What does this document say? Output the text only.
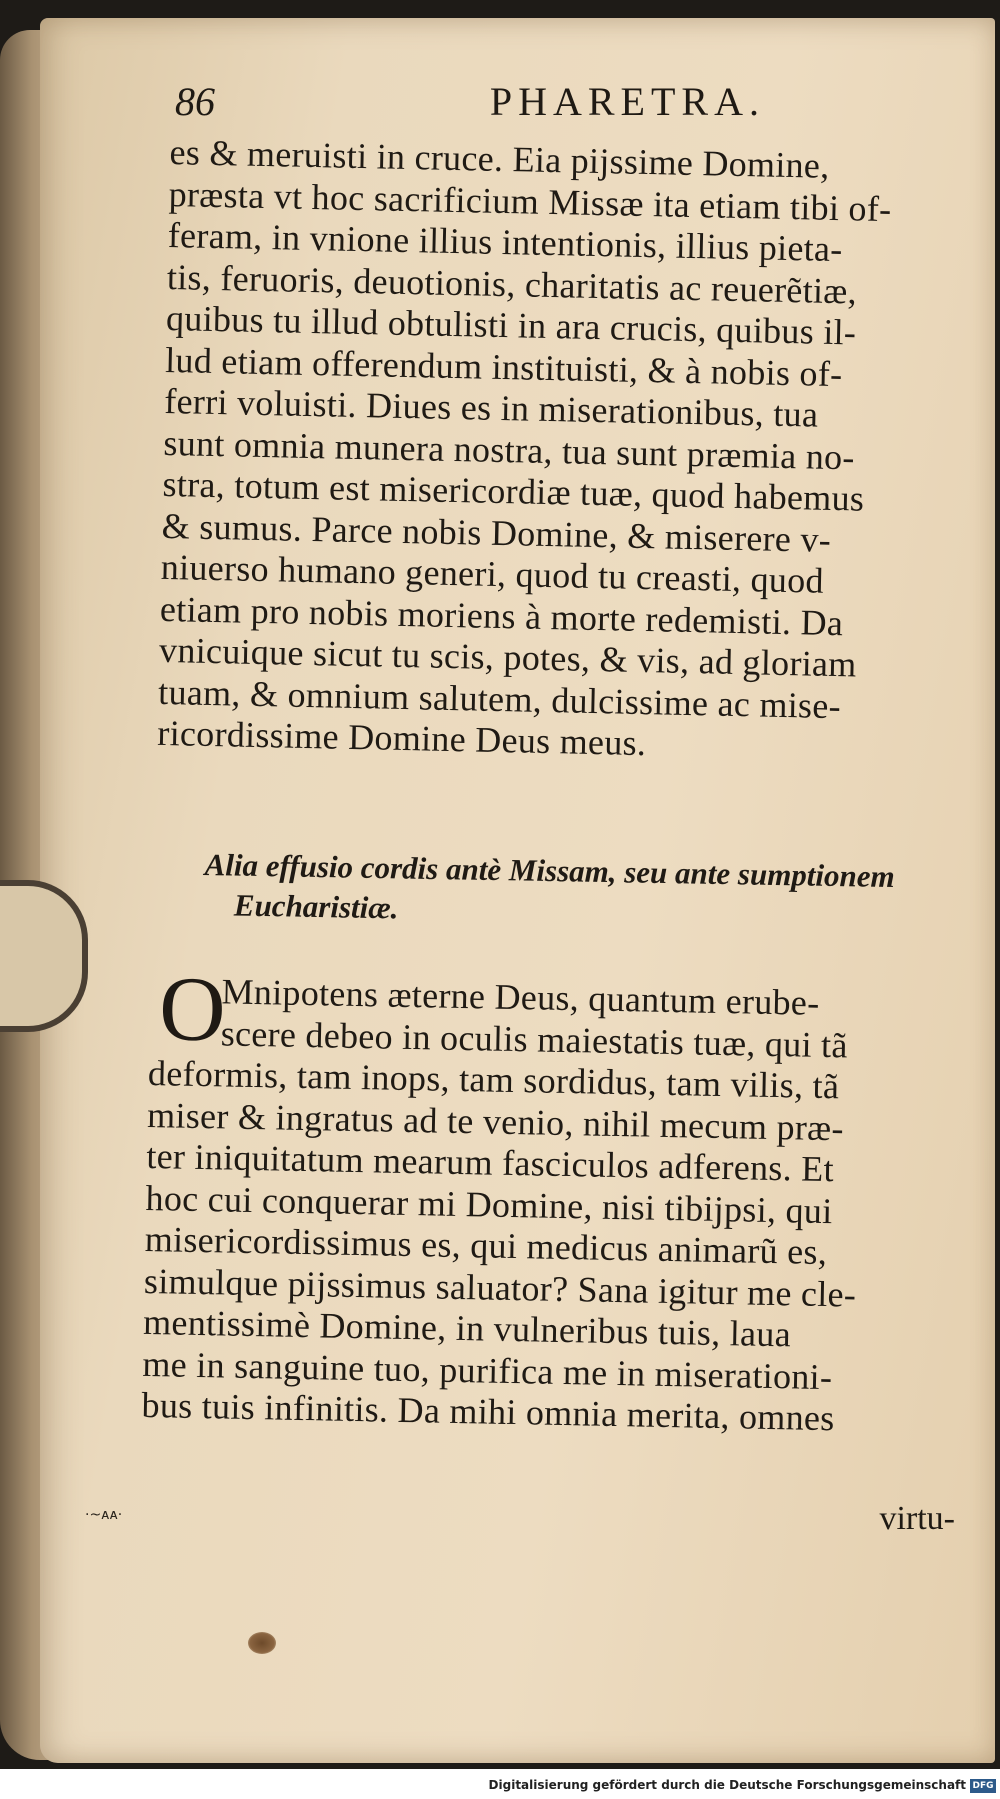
86	PHARETRA.
es & meruisti in cruce. Eia pijssime Domine,
præsta vt hoc sacrificium Missæ ita etiam tibi of-
feram, in vnione illius intentionis, illius pieta-
tis, feruoris, deuotionis, charitatis ac reuerẽtiæ,
quibus tu illud obtulisti in ara crucis, quibus il-
lud etiam offerendum instituisti, & à nobis of-
ferri voluisti. Diues es in miserationibus, tua
sunt omnia munera nostra, tua sunt præmia no-
stra, totum est misericordiæ tuæ, quod habemus
& sumus. Parce nobis Domine, & miserere v-
niuerso humano generi, quod tu creasti, quod
etiam pro nobis moriens à morte redemisti. Da
vnicuique sicut tu scis, potes, & vis, ad gloriam
tuam, & omnium salutem, dulcissime ac mise-
ricordissime Domine Deus meus.
Alia effusio cordis antè Missam, seu ante sumptionem
Eucharistiæ.
O
Mnipotens æterne Deus, quantum erube-
scere debeo in oculis maiestatis tuæ, qui tã
deformis, tam inops, tam sordidus, tam vilis, tã
miser & ingratus ad te venio, nihil mecum præ-
ter iniquitatum mearum fasciculos adferens. Et
hoc cui conquerar mi Domine, nisi tibijpsi, qui
misericordissimus es, qui medicus animarũ es,
simulque pijssimus saluator? Sana igitur me cle-
mentissimè Domine, in vulneribus tuis, laua
me in sanguine tuo, purifica me in miserationi-
bus tuis infinitis. Da mihi omnia merita, omnes
virtu-
·~ᴀᴀ·
Digitalisierung gefördert durch die Deutsche Forschungsgemeinschaft DFG
